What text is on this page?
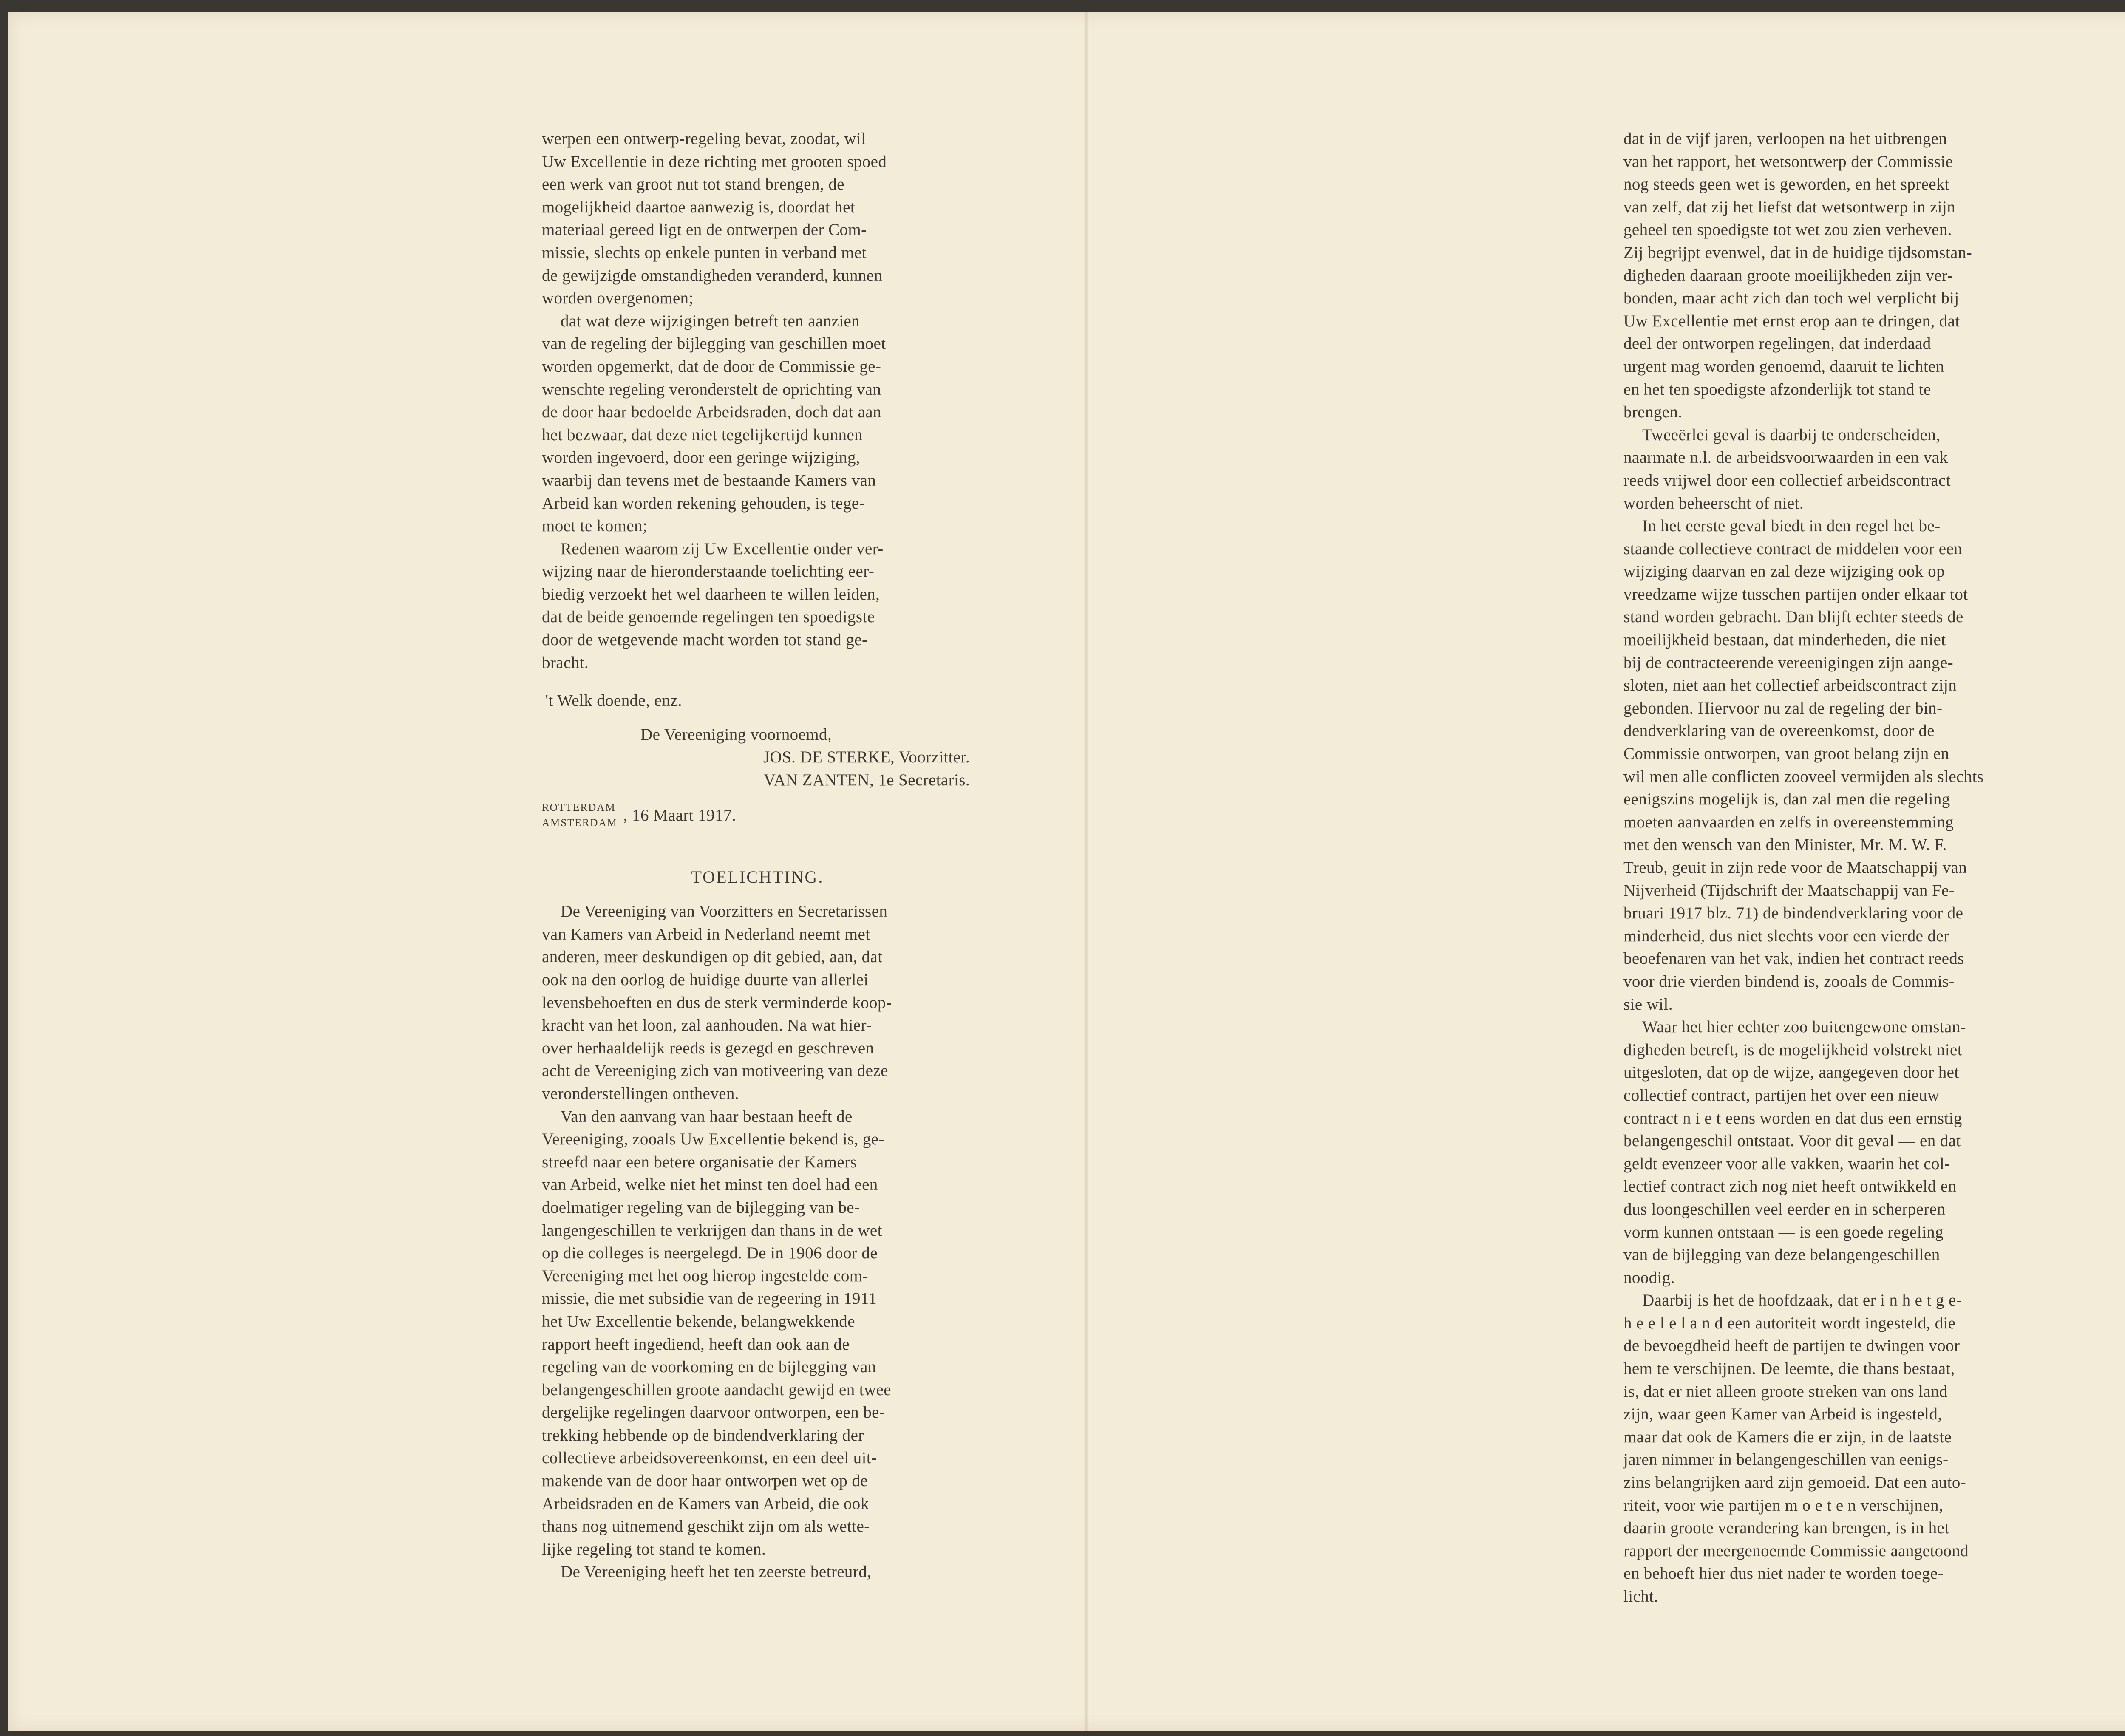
werpen een ontwerp-regeling bevat, zoodat, wil

Uw Excellentie in deze richting met grooten spoed

een werk van groot nut tot stand brengen, de

mogelijkheid daartoe aanwezig is, doordat het

materiaal gereed ligt en de ontwerpen der Com-

missie, slechts op enkele punten in verband met

de gewijzigde omstandigheden veranderd, kunnen

worden overgenomen;

dat wat deze wijzigingen betreft ten aanzien

van de regeling der bijlegging van geschillen moet

worden opgemerkt, dat de door de Commissie ge-

wenschte regeling veronderstelt de oprichting van

de door haar bedoelde Arbeidsraden, doch dat aan

het bezwaar, dat deze niet tegelijkertijd kunnen

worden ingevoerd, door een geringe wijziging,

waarbij dan tevens met de bestaande Kamers van

Arbeid kan worden rekening gehouden, is tege-

moet te komen;

Redenen waarom zij Uw Excellentie onder ver-

wijzing naar de hieronderstaande toelichting eer-

biedig verzoekt het wel daarheen te willen leiden,

dat de beide genoemde regelingen ten spoedigste

door de wetgevende macht worden tot stand ge-

bracht.

't Welk doende, enz.

De Vereeniging voornoemd,

JOS. DE STERKE, Voorzitter.

VAN ZANTEN, 1e Secretaris.

ROTTERDAM
AMSTERDAM , 16 Maart 1917.

TOELICHTING.

De Vereeniging van Voorzitters en Secretarissen

van Kamers van Arbeid in Nederland neemt met

anderen, meer deskundigen op dit gebied, aan, dat

ook na den oorlog de huidige duurte van allerlei

levensbehoeften en dus de sterk verminderde koop-

kracht van het loon, zal aanhouden. Na wat hier-

over herhaaldelijk reeds is gezegd en geschreven

acht de Vereeniging zich van motiveering van deze

veronderstellingen ontheven.

Van den aanvang van haar bestaan heeft de

Vereeniging, zooals Uw Excellentie bekend is, ge-

streefd naar een betere organisatie der Kamers

van Arbeid, welke niet het minst ten doel had een

doelmatiger regeling van de bijlegging van be-

langengeschillen te verkrijgen dan thans in de wet

op die colleges is neergelegd. De in 1906 door de

Vereeniging met het oog hierop ingestelde com-

missie, die met subsidie van de regeering in 1911

het Uw Excellentie bekende, belangwekkende

rapport heeft ingediend, heeft dan ook aan de

regeling van de voorkoming en de bijlegging van

belangengeschillen groote aandacht gewijd en twee

dergelijke regelingen daarvoor ontworpen, een be-

trekking hebbende op de bindendverklaring der

collectieve arbeidsovereenkomst, en een deel uit-

makende van de door haar ontworpen wet op de

Arbeidsraden en de Kamers van Arbeid, die ook

thans nog uitnemend geschikt zijn om als wette-

lijke regeling tot stand te komen.

De Vereeniging heeft het ten zeerste betreurd,

dat in de vijf jaren, verloopen na het uitbrengen

van het rapport, het wetsontwerp der Commissie

nog steeds geen wet is geworden, en het spreekt

van zelf, dat zij het liefst dat wetsontwerp in zijn

geheel ten spoedigste tot wet zou zien verheven.

Zij begrijpt evenwel, dat in de huidige tijdsomstan-

digheden daaraan groote moeilijkheden zijn ver-

bonden, maar acht zich dan toch wel verplicht bij

Uw Excellentie met ernst erop aan te dringen, dat

deel der ontworpen regelingen, dat inderdaad

urgent mag worden genoemd, daaruit te lichten

en het ten spoedigste afzonderlijk tot stand te

brengen.

Tweeërlei geval is daarbij te onderscheiden,

naarmate n.l. de arbeidsvoorwaarden in een vak

reeds vrijwel door een collectief arbeidscontract

worden beheerscht of niet.

In het eerste geval biedt in den regel het be-

staande collectieve contract de middelen voor een

wijziging daarvan en zal deze wijziging ook op

vreedzame wijze tusschen partijen onder elkaar tot

stand worden gebracht. Dan blijft echter steeds de

moeilijkheid bestaan, dat minderheden, die niet

bij de contracteerende vereenigingen zijn aange-

sloten, niet aan het collectief arbeidscontract zijn

gebonden. Hiervoor nu zal de regeling der bin-

dendverklaring van de overeenkomst, door de

Commissie ontworpen, van groot belang zijn en

wil men alle conflicten zooveel vermijden als slechts

eenigszins mogelijk is, dan zal men die regeling

moeten aanvaarden en zelfs in overeenstemming

met den wensch van den Minister, Mr. M. W. F.

Treub, geuit in zijn rede voor de Maatschappij van

Nijverheid (Tijdschrift der Maatschappij van Fe-

bruari 1917 blz. 71) de bindendverklaring voor de

minderheid, dus niet slechts voor een vierde der

beoefenaren van het vak, indien het contract reeds

voor drie vierden bindend is, zooals de Commis-

sie wil.

Waar het hier echter zoo buitengewone omstan-

digheden betreft, is de mogelijkheid volstrekt niet

uitgesloten, dat op de wijze, aangegeven door het

collectief contract, partijen het over een nieuw

contract n i e t eens worden en dat dus een ernstig

belangengeschil ontstaat. Voor dit geval — en dat

geldt evenzeer voor alle vakken, waarin het col-

lectief contract zich nog niet heeft ontwikkeld en

dus loongeschillen veel eerder en in scherperen

vorm kunnen ontstaan — is een goede regeling

van de bijlegging van deze belangengeschillen

noodig.

Daarbij is het de hoofdzaak, dat er i n h e t g e-

h e e l e l a n d een autoriteit wordt ingesteld, die

de bevoegdheid heeft de partijen te dwingen voor

hem te verschijnen. De leemte, die thans bestaat,

is, dat er niet alleen groote streken van ons land

zijn, waar geen Kamer van Arbeid is ingesteld,

maar dat ook de Kamers die er zijn, in de laatste

jaren nimmer in belangengeschillen van eenigs-

zins belangrijken aard zijn gemoeid. Dat een auto-

riteit, voor wie partijen m o e t e n verschijnen,

daarin groote verandering kan brengen, is in het

rapport der meergenoemde Commissie aangetoond

en behoeft hier dus niet nader te worden toege-

licht.
